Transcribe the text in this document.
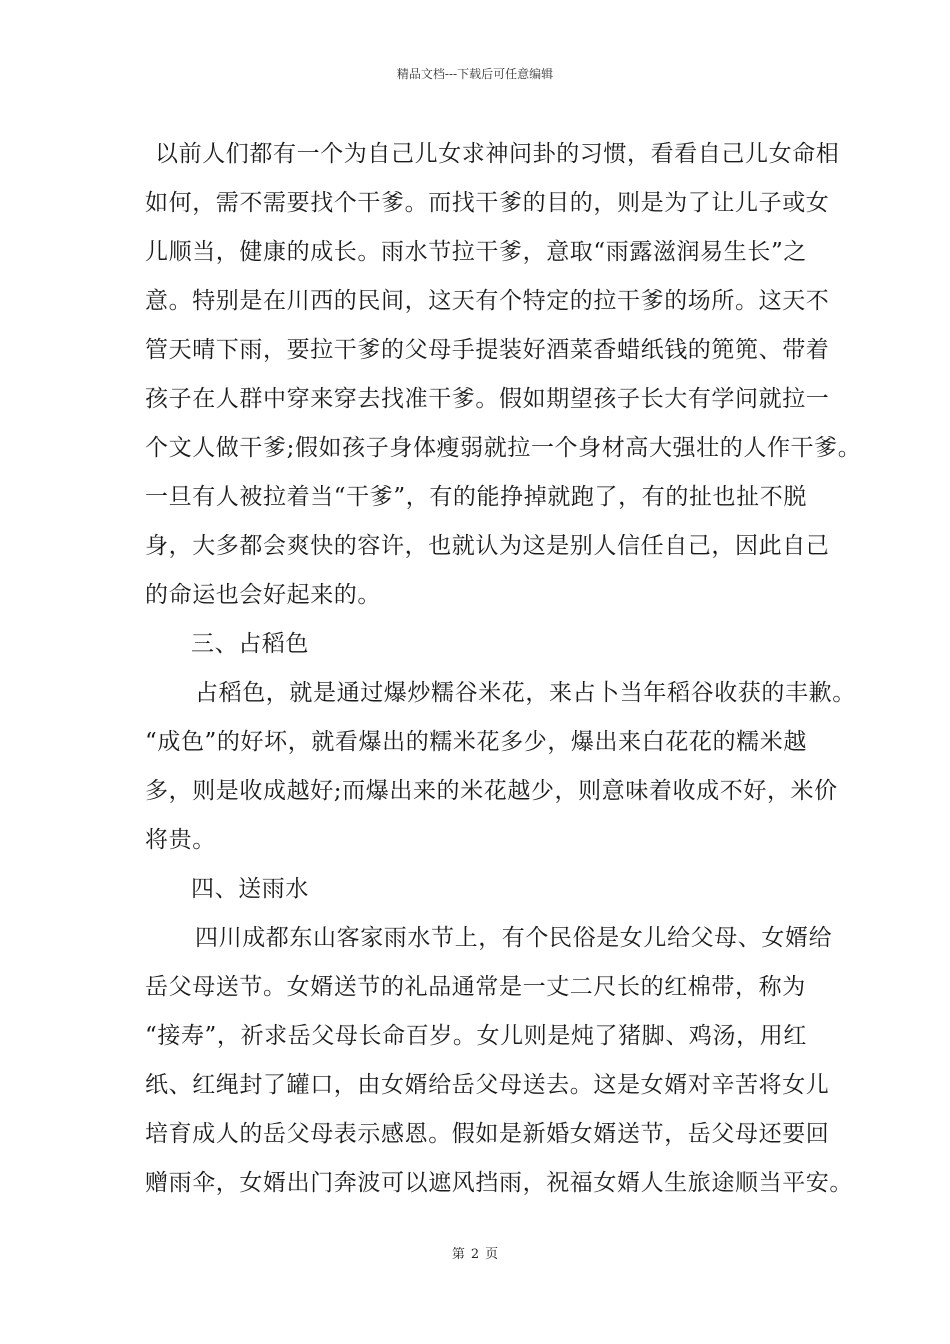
精品文档---下载后可任意编辑
以前人们都有一个为自己儿女求神问卦的习惯，看看自己儿女命相
如何，需不需要找个干爹。而找干爹的目的，则是为了让儿子或女
儿顺当，健康的成长。雨水节拉干爹，意取“雨露滋润易生长”之
意。特别是在川西的民间，这天有个特定的拉干爹的场所。这天不
管天晴下雨，要拉干爹的父母手提装好酒菜香蜡纸钱的篼篼、带着
孩子在人群中穿来穿去找准干爹。假如期望孩子长大有学问就拉一
个文人做干爹;假如孩子身体瘦弱就拉一个身材高大强壮的人作干爹。
一旦有人被拉着当“干爹”，有的能挣掉就跑了，有的扯也扯不脱
身，大多都会爽快的容许，也就认为这是别人信任自己，因此自己
的命运也会好起来的。
三、占稻色
占稻色，就是通过爆炒糯谷米花，来占卜当年稻谷收获的丰歉。
“成色”的好坏，就看爆出的糯米花多少，爆出来白花花的糯米越
多，则是收成越好;而爆出来的米花越少，则意味着收成不好，米价
将贵。
四、送雨水
四川成都东山客家雨水节上，有个民俗是女儿给父母、女婿给
岳父母送节。女婿送节的礼品通常是一丈二尺长的红棉带，称为
“接寿”，祈求岳父母长命百岁。女儿则是炖了猪脚、鸡汤，用红
纸、红绳封了罐口，由女婿给岳父母送去。这是女婿对辛苦将女儿
培育成人的岳父母表示感恩。假如是新婚女婿送节，岳父母还要回
赠雨伞，女婿出门奔波可以遮风挡雨，祝福女婿人生旅途顺当平安。
第 2 页
